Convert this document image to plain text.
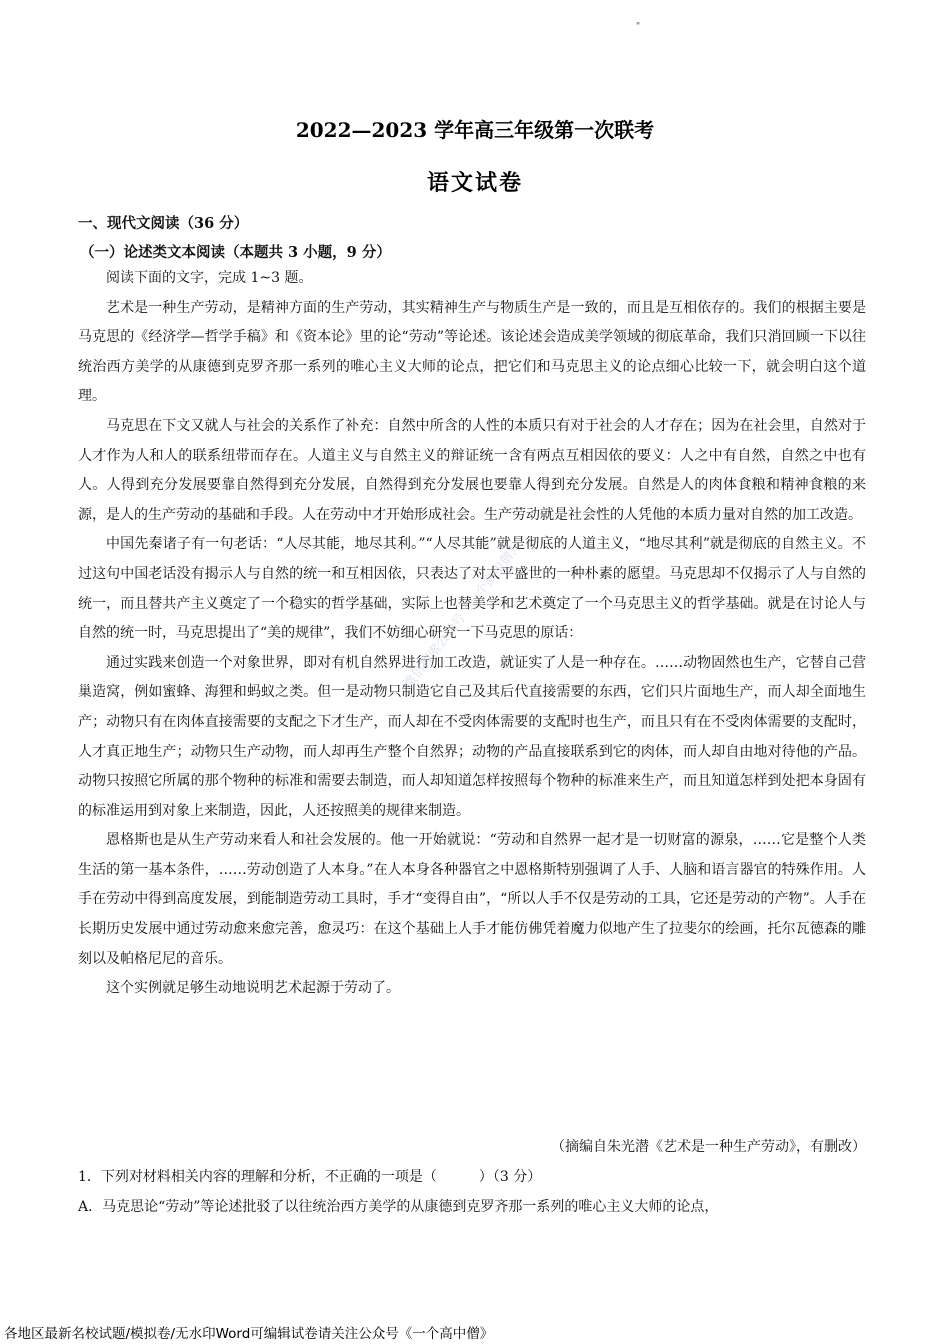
"
2022—2023 学年高三年级第一次联考
语文试卷
一、现代文阅读（36 分）
（一）论述类文本阅读（本题共 3 小题，9 分）

阅读下面的文字，完成 1~3 题。

艺术是一种生产劳动，是精神方面的生产劳动，其实精神生产与物质生产是一致的，而且是互相依存的。我们的根据主要是马克思的《经济学—哲学手稿》和《资本论》里的论“劳动”等论述。该论述会造成美学领域的彻底革命，我们只消回顾一下以往统治西方美学的从康德到克罗齐那一系列的唯心主义大师的论点，把它们和马克思主义的论点细心比较一下，就会明白这个道理。

马克思在下文又就人与社会的关系作了补充：自然中所含的人性的本质只有对于社会的人才存在；因为在社会里，自然对于人才作为人和人的联系纽带而存在。人道主义与自然主义的辩证统一含有两点互相因依的要义：人之中有自然，自然之中也有人。人得到充分发展要靠自然得到充分发展，自然得到充分发展也要靠人得到充分发展。自然是人的肉体食粮和精神食粮的来源，是人的生产劳动的基础和手段。人在劳动中才开始形成社会。生产劳动就是社会性的人凭他的本质力量对自然的加工改造。

中国先秦诸子有一句老话：“人尽其能，地尽其利。”“人尽其能”就是彻底的人道主义，“地尽其利”就是彻底的自然主义。不过这句中国老话没有揭示人与自然的统一和互相因依，只表达了对太平盛世的一种朴素的愿望。马克思却不仅揭示了人与自然的统一，而且替共产主义奠定了一个稳实的哲学基础，实际上也替美学和艺术奠定了一个马克思主义的哲学基础。就是在讨论人与自然的统一时，马克思提出了“美的规律”，我们不妨细心研究一下马克思的原话：

通过实践来创造一个对象世界，即对有机自然界进行加工改造，就证实了人是一种存在。……动物固然也生产，它替自己营巢造窝，例如蜜蜂、海狸和蚂蚁之类。但一是动物只制造它自己及其后代直接需要的东西，它们只片面地生产，而人却全面地生产；动物只有在肉体直接需要的支配之下才生产，而人却在不受肉体需要的支配时也生产，而且只有在不受肉体需要的支配时，人才真正地生产；动物只生产动物，而人却再生产整个自然界；动物的产品直接联系到它的肉体，而人却自由地对待他的产品。动物只按照它所属的那个物种的标准和需要去制造，而人却知道怎样按照每个物种的标准来生产，而且知道怎样到处把本身固有的标准运用到对象上来制造，因此，人还按照美的规律来制造。

恩格斯也是从生产劳动来看人和社会发展的。他一开始就说：“劳动和自然界一起才是一切财富的源泉，……它是整个人类生活的第一基本条件，……劳动创造了人本身。”在人本身各种器官之中恩格斯特别强调了人手、人脑和语言器官的特殊作用。人手在劳动中得到高度发展，到能制造劳动工具时，手才“变得自由”，“所以人手不仅是劳动的工具，它还是劳动的产物”。人手在长期历史发展中通过劳动愈来愈完善，愈灵巧：在这个基础上人手才能仿佛凭着魔力似地产生了拉斐尔的绘画，托尔瓦德森的雕刻以及帕格尼尼的音乐。

这个实例就足够生动地说明艺术起源于劳动了。

（摘编自朱光潜《艺术是一种生产劳动》，有删改）
1．下列对材料相关内容的理解和分析，不正确的一项是（　　　）（3 分）
A．马克思论“劳动”等论述批驳了以往统治西方美学的从康德到克罗齐那一系列的唯心主义大师的论点，
微信搜索公众号《一个高中僧》
各地区最新名校试题/模拟卷/无水印Word可编辑试卷请关注公众号《一个高中僧》
